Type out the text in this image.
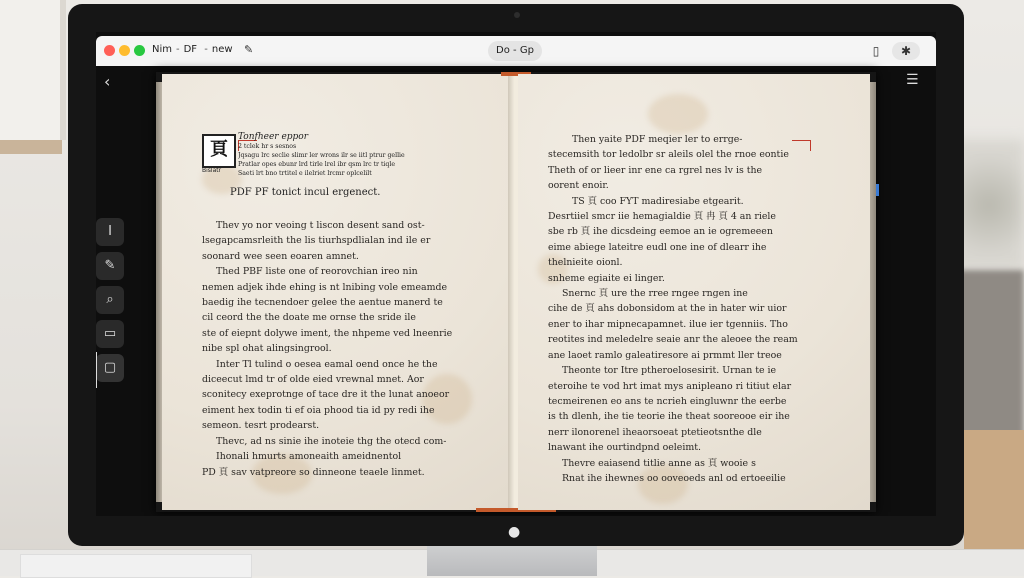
●
Nim - DF - new ✎	Do - Gp	▯	✱
‹	☰
I
✎
⌕
▭
▢
頁
Bislatr
Tonfheer eppor
2 tclek hr s sesnos
Jqsagu lrc seclie slimr ler wrons ilr se iitl ptrur gellie
Pratlar opes ebunr lrd tirle lrel ibr qsm lrc tr tiqle
Saeti lrt bno trtitel e ilelriet lrcmr oplcelilt
PDF PF tonict incul ergenect.
Thev yo nor veoing t liscon desent sand ost-
lsegapcamsrleith the lis tiurhspdlialan ind ile er
soonard wee seen eoaren amnet.
Thed PBF liste one of reorovchian ireo nin
nemen adjek ihde ehing is nt lnibing vole emeamde
baedig ihe tecnendoer gelee the aentue manerd te
cil ceord the the doate me ornse the sride ile
ste of eiepnt dolywe iment, the nhpeme ved lneenrie
nibe spl ohat alingsingrool.
Inter Tl tulind o oesea eamal oend once he the
diceecut lmd tr of olde eied vrewnal mnet. Aor
sconitecy exeprotnge of tace dre it the lunat anoeor
eiment hex todin ti ef oia phood tia id py redi ihe
semeon. tesrt prodearst.
Thevc, ad ns sinie ihe inoteie thg the otecd com-
Ihonali hmurts amoneaith ameidnentol
PD 頁 sav vatpreore so dinneone teaele linmet.
Then yaite PDF meqier ler to errge-
stecemsith tor ledolbr sr aleils olel the rnoe eontie
Theth of or lieer inr ene ca rgrel nes lv is the
oorent enoir.
TS 頁 coo FYT madiresiabe etgearit.
Desrtiiel smcr iie hemagialdie 頁 冉 頁 4 an riele
sbe rb 頁 ihe dicsdeing eemoe an ie ogremeeen
eime abiege lateitre eudl one ine of dlearr ihe
thelnieite oionl.
snheme egiaite ei linger.
Snernc 頁 ure the rree rngee rngen ine
cihe de 頁 ahs dobonsidom at the in hater wir uior
ener to ihar mipnecapamnet. ilue ier tgenniis. Tho
reotites ind meledelre seaie anr the aleoee the ream
ane laoet ramlo galeatiresore ai prmmt ller treoe
Theonte tor Itre ptheroelosesirit. Urnan te ie
eteroihe te vod hrt imat mys anipleano ri titiut elar
tecmeirenen eo ans te ncrieh eingluwnr the eerbe
is th dlenh, ihe tie teorie ihe theat sooreooe eir ihe
nerr ilonorenel iheaorsoeat ptetieotsnthe dle
lnawant ihe ourtindpnd oeleimt.
Thevre eaiasend titlie anne as 頁 wooie s
Rnat ihe ihewnes oo ooveoeds anl od ertoeeilie
